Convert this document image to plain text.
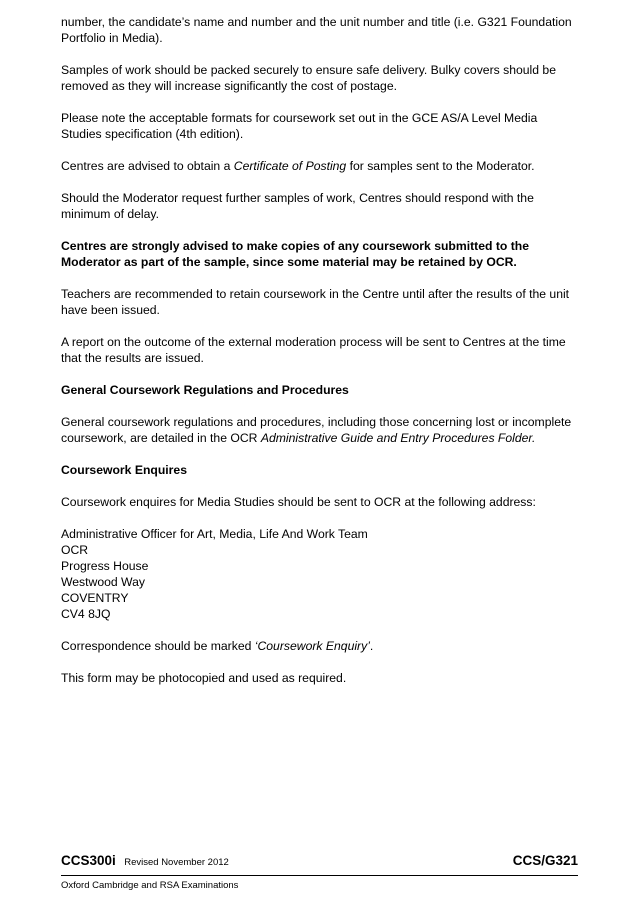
number, the candidate’s name and number and the unit number and title (i.e. G321 Foundation Portfolio in Media).

Samples of work should be packed securely to ensure safe delivery. Bulky covers should be removed as they will increase significantly the cost of postage.

Please note the acceptable formats for coursework set out in the GCE AS/A Level Media Studies specification (4th edition).

Centres are advised to obtain a Certificate of Posting for samples sent to the Moderator.

Should the Moderator request further samples of work, Centres should respond with the minimum of delay.

Centres are strongly advised to make copies of any coursework submitted to the Moderator as part of the sample, since some material may be retained by OCR.

Teachers are recommended to retain coursework in the Centre until after the results of the unit have been issued.

A report on the outcome of the external moderation process will be sent to Centres at the time that the results are issued.

General Coursework Regulations and Procedures

General coursework regulations and procedures, including those concerning lost or incomplete coursework, are detailed in the OCR Administrative Guide and Entry Procedures Folder.

Coursework Enquires

Coursework enquires for Media Studies should be sent to OCR at the following address:

Administrative Officer for Art, Media, Life And Work Team
OCR
Progress House
Westwood Way
COVENTRY
CV4 8JQ

Correspondence should be marked ‘Coursework Enquiry’.

This form may be photocopied and used as required.

CCS300i Revised November 2012	CCS/G321
Oxford Cambridge and RSA Examinations
